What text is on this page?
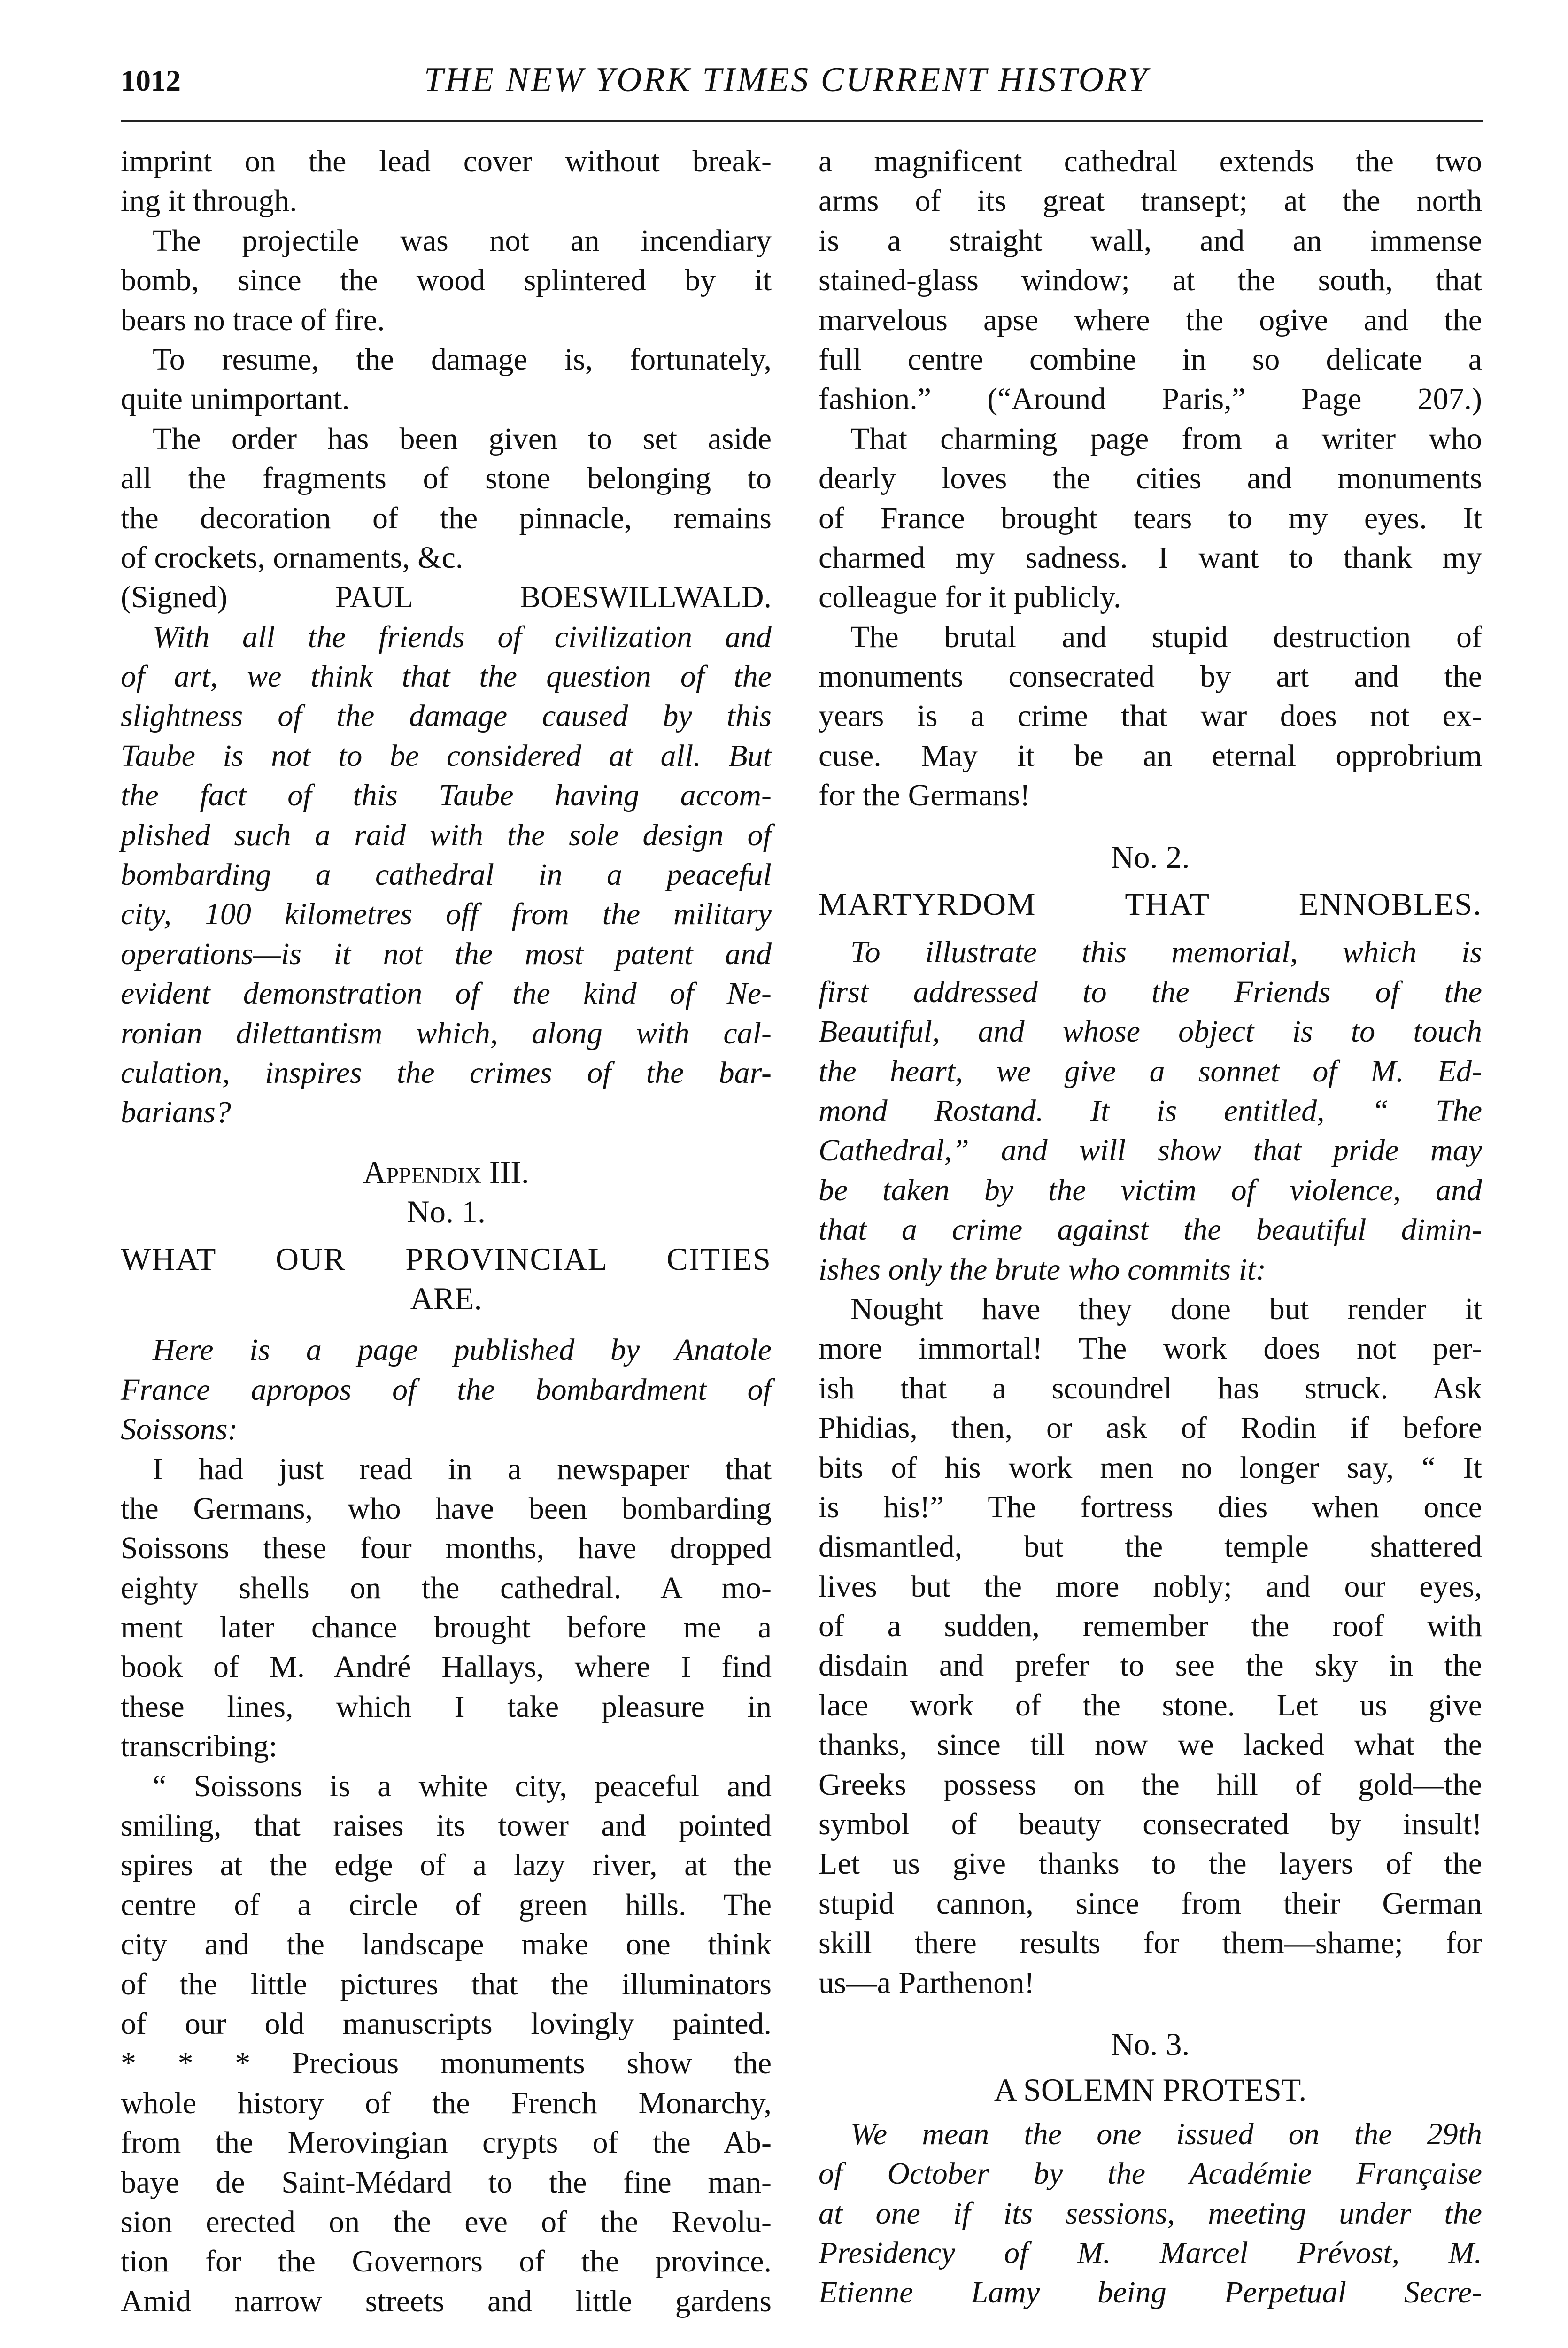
1012	THE NEW YORK TIMES CURRENT HISTORY
imprint on the lead cover without break-
ing it through.
The projectile was not an incendiary
bomb, since the wood splintered by it
bears no trace of fire.
To resume, the damage is, fortunately,
quite unimportant.
The order has been given to set aside
all the fragments of stone belonging to
the decoration of the pinnacle, remains
of crockets, ornaments, &c.
(Signed) PAUL BOESWILLWALD.
With all the friends of civilization and
of art, we think that the question of the
slightness of the damage caused by this
Taube is not to be considered at all. But
the fact of this Taube having accom-
plished such a raid with the sole design of
bombarding a cathedral in a peaceful
city, 100 kilometres off from the military
operations—is it not the most patent and
evident demonstration of the kind of Ne-
ronian dilettantism which, along with cal-
culation, inspires the crimes of the bar-
barians?
Appendix III.
No. 1.
WHAT OUR PROVINCIAL CITIES
ARE.
Here is a page published by Anatole
France apropos of the bombardment of
Soissons:
I had just read in a newspaper that
the Germans, who have been bombarding
Soissons these four months, have dropped
eighty shells on the cathedral. A mo-
ment later chance brought before me a
book of M. André Hallays, where I find
these lines, which I take pleasure in
transcribing:
“ Soissons is a white city, peaceful and
smiling, that raises its tower and pointed
spires at the edge of a lazy river, at the
centre of a circle of green hills. The
city and the landscape make one think
of the little pictures that the illuminators
of our old manuscripts lovingly painted.
* * * Precious monuments show the
whole history of the French Monarchy,
from the Merovingian crypts of the Ab-
baye de Saint-Médard to the fine man-
sion erected on the eve of the Revolu-
tion for the Governors of the province.
Amid narrow streets and little gardens
a magnificent cathedral extends the two
arms of its great transept; at the north
is a straight wall, and an immense
stained-glass window; at the south, that
marvelous apse where the ogive and the
full centre combine in so delicate a
fashion.” (“Around Paris,” Page 207.)
That charming page from a writer who
dearly loves the cities and monuments
of France brought tears to my eyes. It
charmed my sadness. I want to thank my
colleague for it publicly.
The brutal and stupid destruction of
monuments consecrated by art and the
years is a crime that war does not ex-
cuse. May it be an eternal opprobrium
for the Germans!
No. 2.
MARTYRDOM THAT ENNOBLES.
To illustrate this memorial, which is
first addressed to the Friends of the
Beautiful, and whose object is to touch
the heart, we give a sonnet of M. Ed-
mond Rostand. It is entitled, “ The
Cathedral,” and will show that pride may
be taken by the victim of violence, and
that a crime against the beautiful dimin-
ishes only the brute who commits it:
Nought have they done but render it
more immortal! The work does not per-
ish that a scoundrel has struck. Ask
Phidias, then, or ask of Rodin if before
bits of his work men no longer say, “ It
is his!” The fortress dies when once
dismantled, but the temple shattered
lives but the more nobly; and our eyes,
of a sudden, remember the roof with
disdain and prefer to see the sky in the
lace work of the stone. Let us give
thanks, since till now we lacked what the
Greeks possess on the hill of gold—the
symbol of beauty consecrated by insult!
Let us give thanks to the layers of the
stupid cannon, since from their German
skill there results for them—shame; for
us—a Parthenon!
No. 3.
A SOLEMN PROTEST.
We mean the one issued on the 29th
of October by the Académie Française
at one if its sessions, meeting under the
Presidency of M. Marcel Prévost, M.
Etienne Lamy being Perpetual Secre-
